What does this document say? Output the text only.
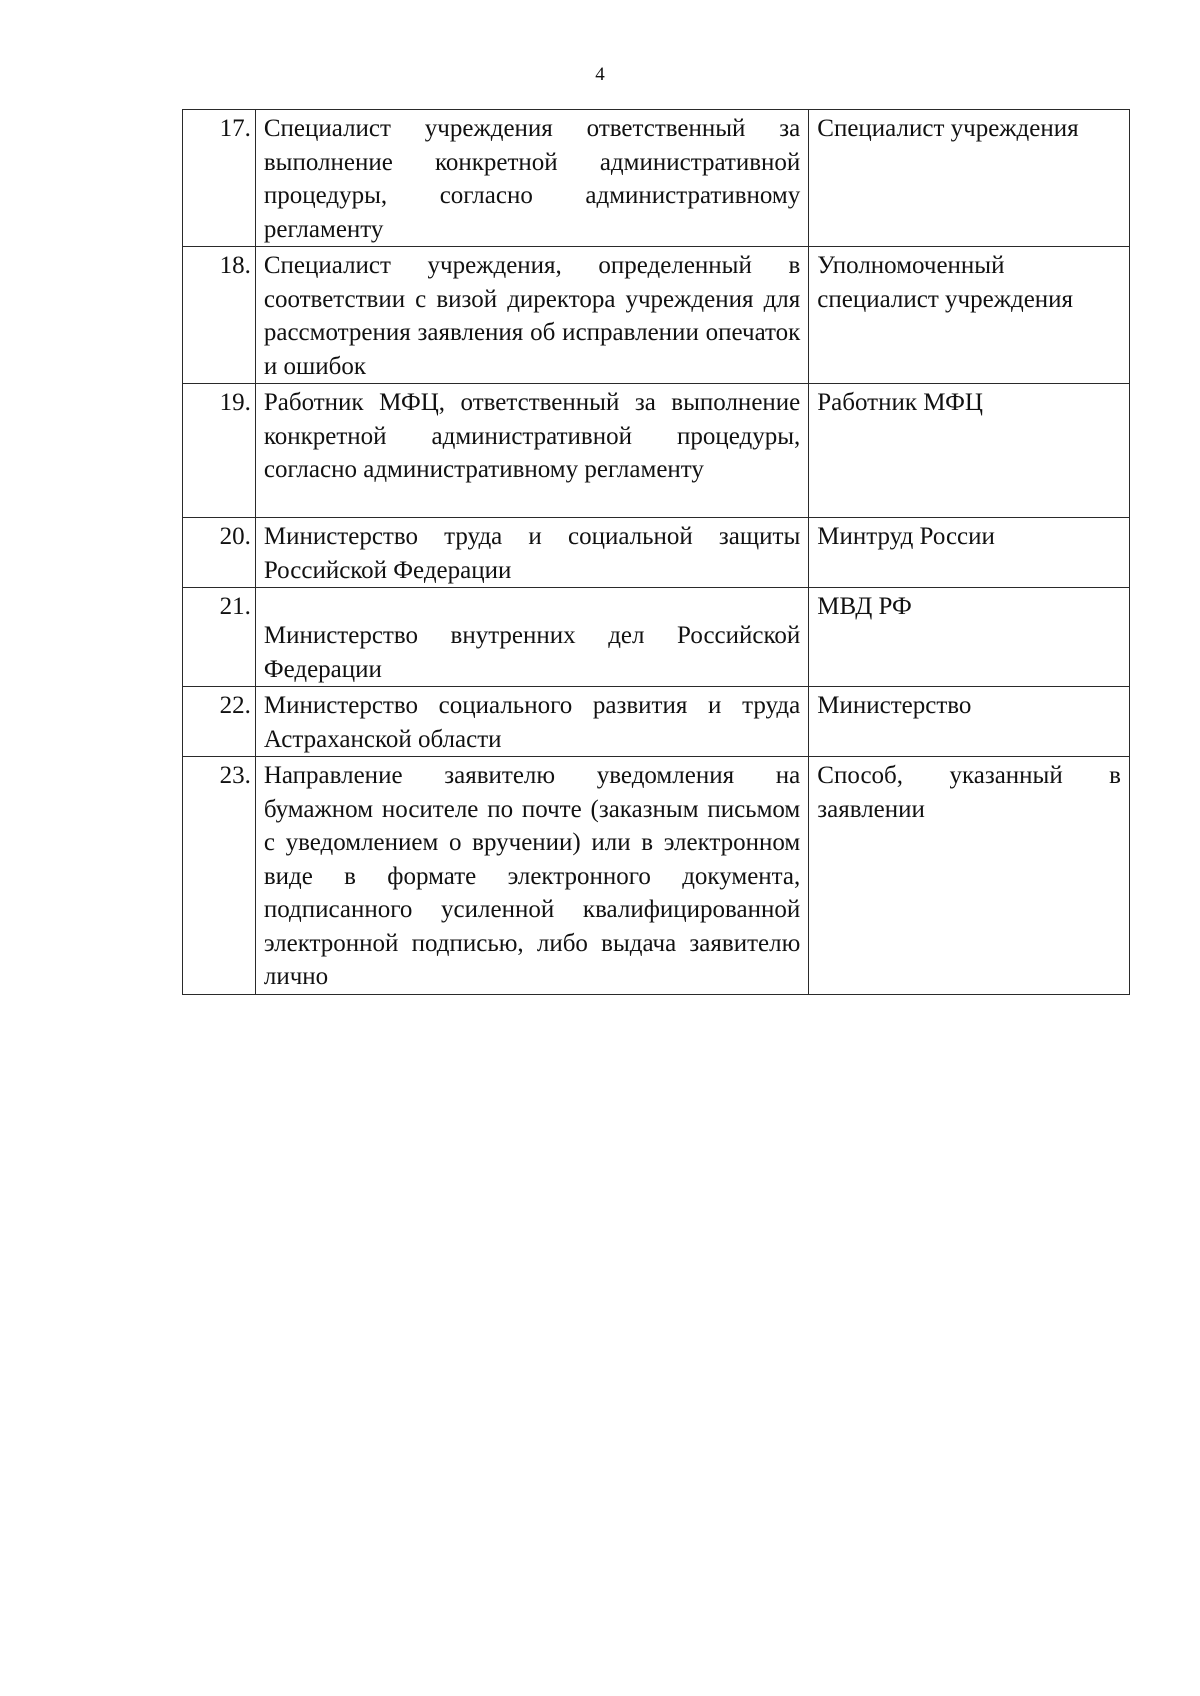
4
17.	Специалист учреждения ответственный за выполнение конкретной административной процедуры, согласно административному регламенту	Специалист учреждения
18.	Специалист учреждения, определенный в соответствии с визой директора учреждения для рассмотрения заявления об исправлении опечаток и ошибок	Уполномоченный специалист учреждения
19.	Работник МФЦ, ответственный за выполнение конкретной административной процедуры, согласно административному регламенту	Работник МФЦ
20.	Министерство труда и социальной защиты Российской Федерации	Минтруд России
21.	Министерство внутренних дел Российской Федерации	МВД РФ
22.	Министерство социального развития и труда Астраханской области	Министерство
23.	Направление заявителю уведомления на бумажном носителе по почте (заказным письмом с уведомлением о вручении) или в электронном виде в формате электронного документа, подписанного усиленной квалифицированной электронной подписью, либо выдача заявителю лично	Способ, указанный в заявлении
